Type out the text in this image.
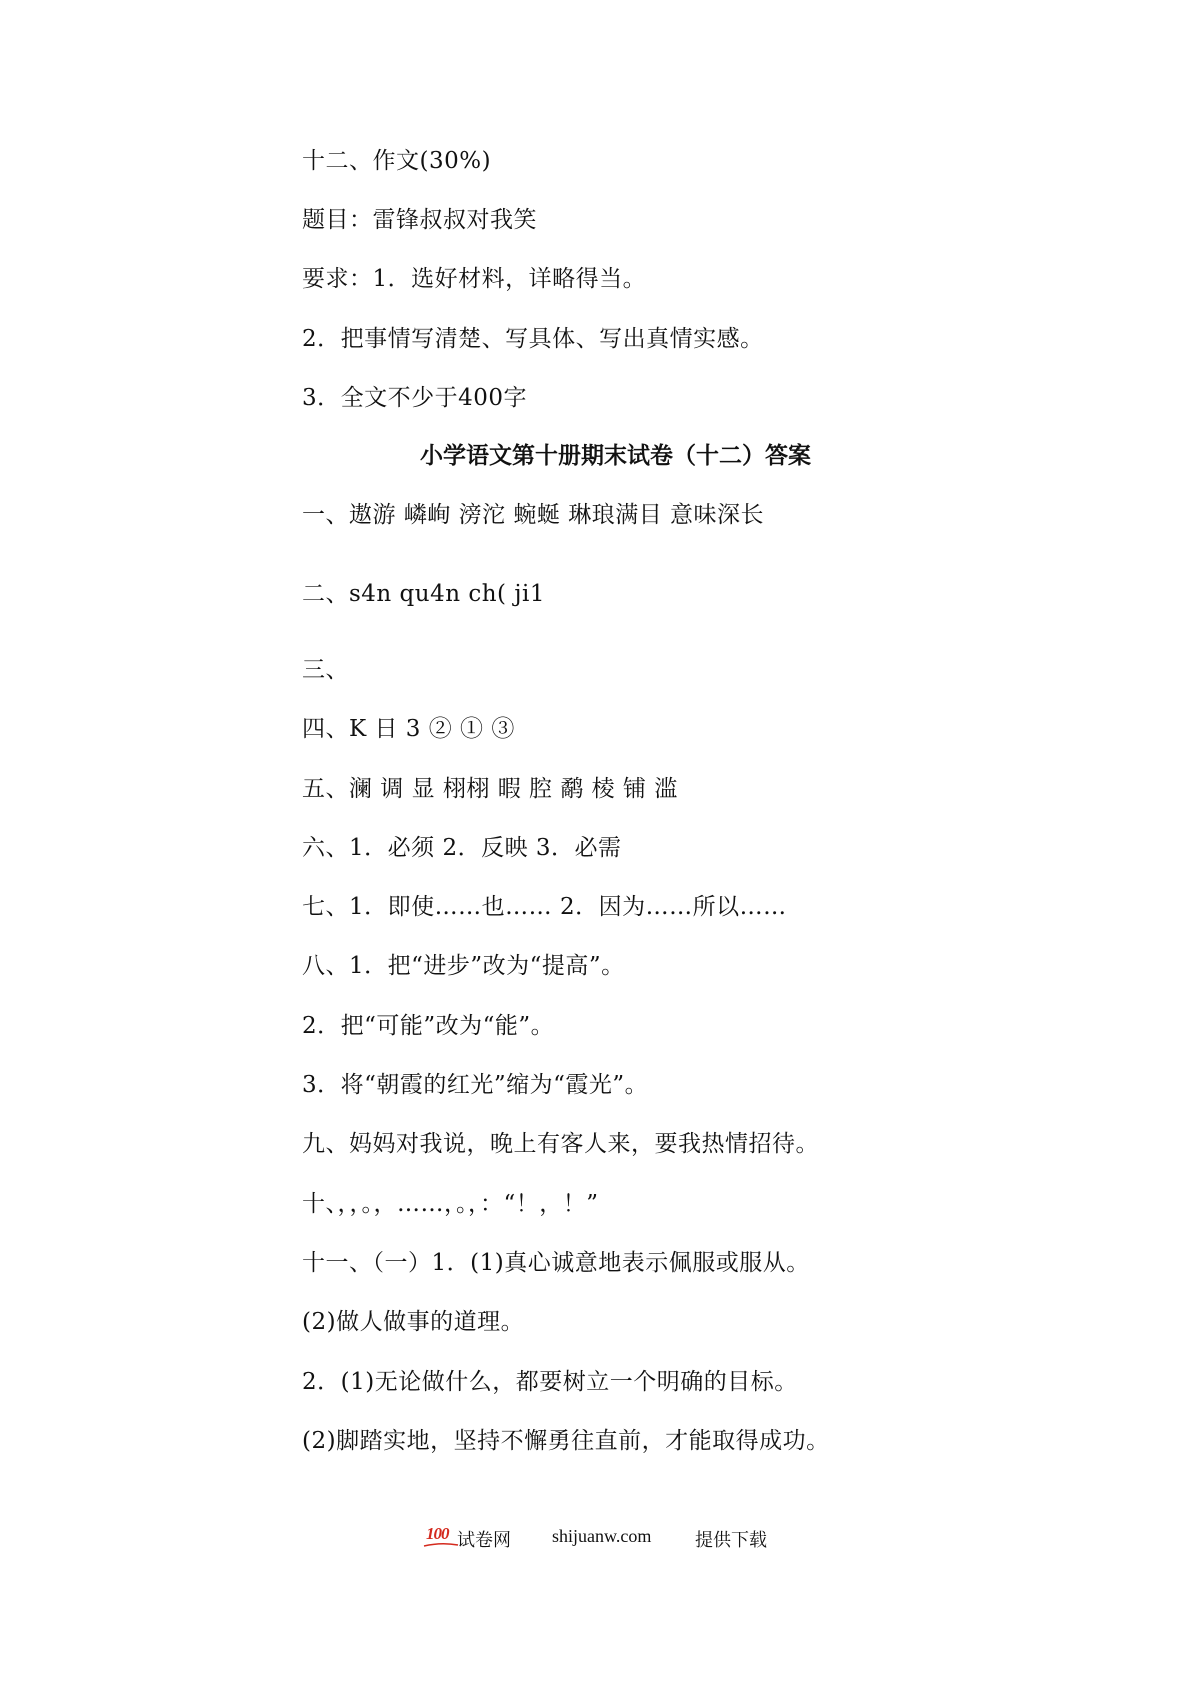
十二、作文(30%)
题目：雷锋叔叔对我笑
要求：1．选好材料，详略得当。
2．把事情写清楚、写具体、写出真情实感。
3．全文不少于400字
小学语文第十册期末试卷（十二）答案
一、遨游 嶙峋 滂沱 蜿蜒 琳琅满目 意味深长
二、s4n qu4n ch( ji1
三、
四、K 日 3 ② ① ③
五、澜 调 显 栩栩 暇 腔 鹬 棱 铺 滥
六、1．必须 2．反映 3．必需
七、1．即使……也…… 2．因为……所以……
八、1．把“进步”改为“提高”。
2．把“可能”改为“能”。
3．将“朝霞的红光”缩为“霞光”。
九、妈妈对我说，晚上有客人来，要我热情招待。
十、，，。，……，。，：“！，！”
十一、（一）1．(1)真心诚意地表示佩服或服从。
(2)做人做事的道理。
2．(1)无论做什么，都要树立一个明确的目标。
(2)脚踏实地，坚持不懈勇往直前，才能取得成功。
100 试卷网 shijuanw.com 提供下载
